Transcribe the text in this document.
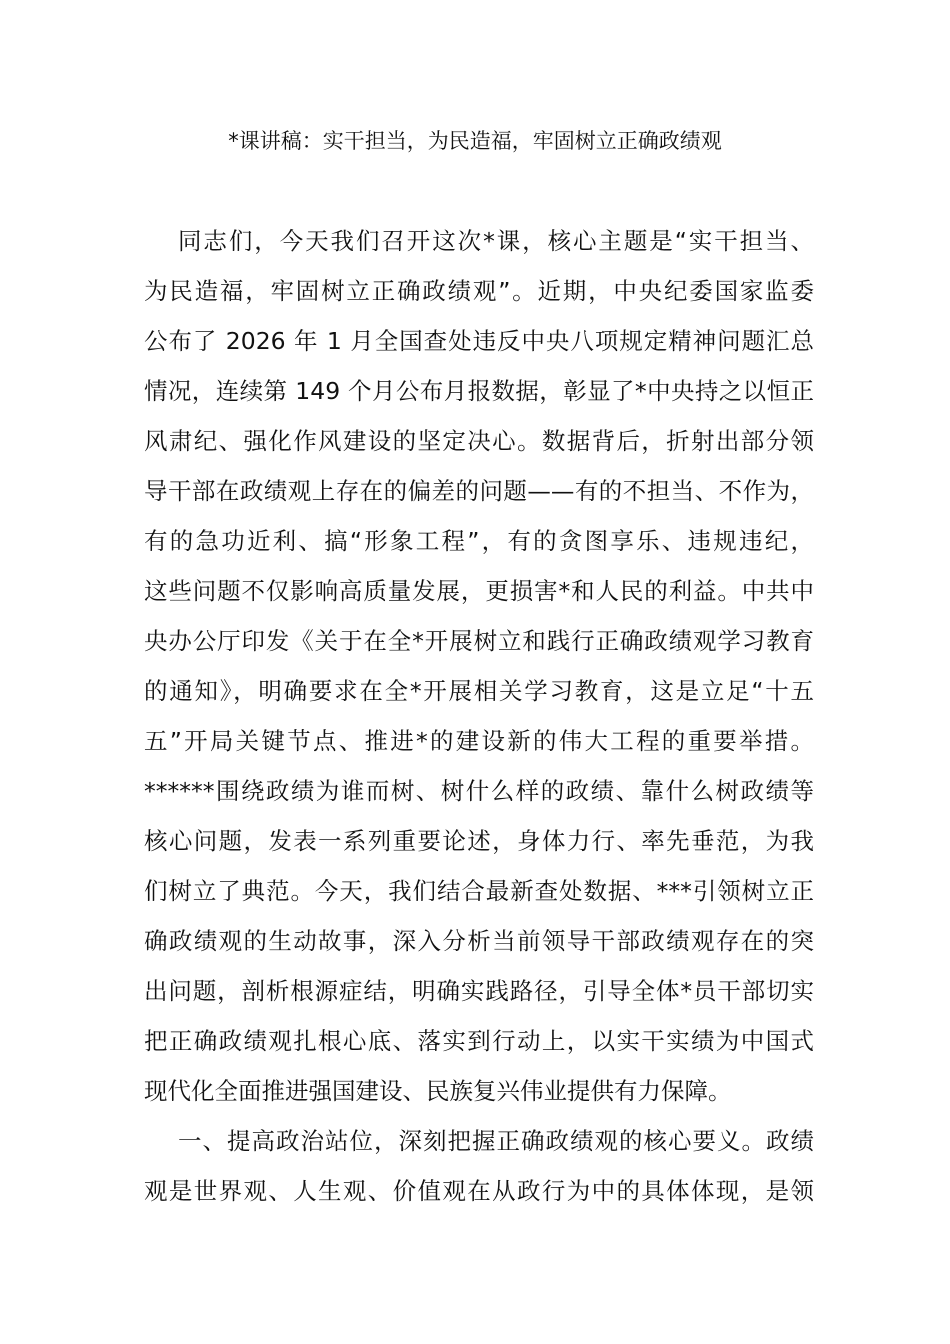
*课讲稿：实干担当，为民造福，牢固树立正确政绩观
同志们，今天我们召开这次*课，核心主题是“实干担当、
为民造福，牢固树立正确政绩观”。近期，中央纪委国家监委
公布了 2026 年 1 月全国查处违反中央八项规定精神问题汇总
情况，连续第 149 个月公布月报数据，彰显了*中央持之以恒正
风肃纪、强化作风建设的坚定决心。数据背后，折射出部分领
导干部在政绩观上存在的偏差的问题——有的不担当、不作为，
有的急功近利、搞“形象工程”，有的贪图享乐、违规违纪，
这些问题不仅影响高质量发展，更损害*和人民的利益。中共中
央办公厅印发《关于在全*开展树立和践行正确政绩观学习教育
的通知》，明确要求在全*开展相关学习教育，这是立足“十五
五”开局关键节点、推进*的建设新的伟大工程的重要举措。
******围绕政绩为谁而树、树什么样的政绩、靠什么树政绩等
核心问题，发表一系列重要论述，身体力行、率先垂范，为我
们树立了典范。今天，我们结合最新查处数据、***引领树立正
确政绩观的生动故事，深入分析当前领导干部政绩观存在的突
出问题，剖析根源症结，明确实践路径，引导全体*员干部切实
把正确政绩观扎根心底、落实到行动上，以实干实绩为中国式
现代化全面推进强国建设、民族复兴伟业提供有力保障。
一、提高政治站位，深刻把握正确政绩观的核心要义。政绩
观是世界观、人生观、价值观在从政行为中的具体体现，是领
